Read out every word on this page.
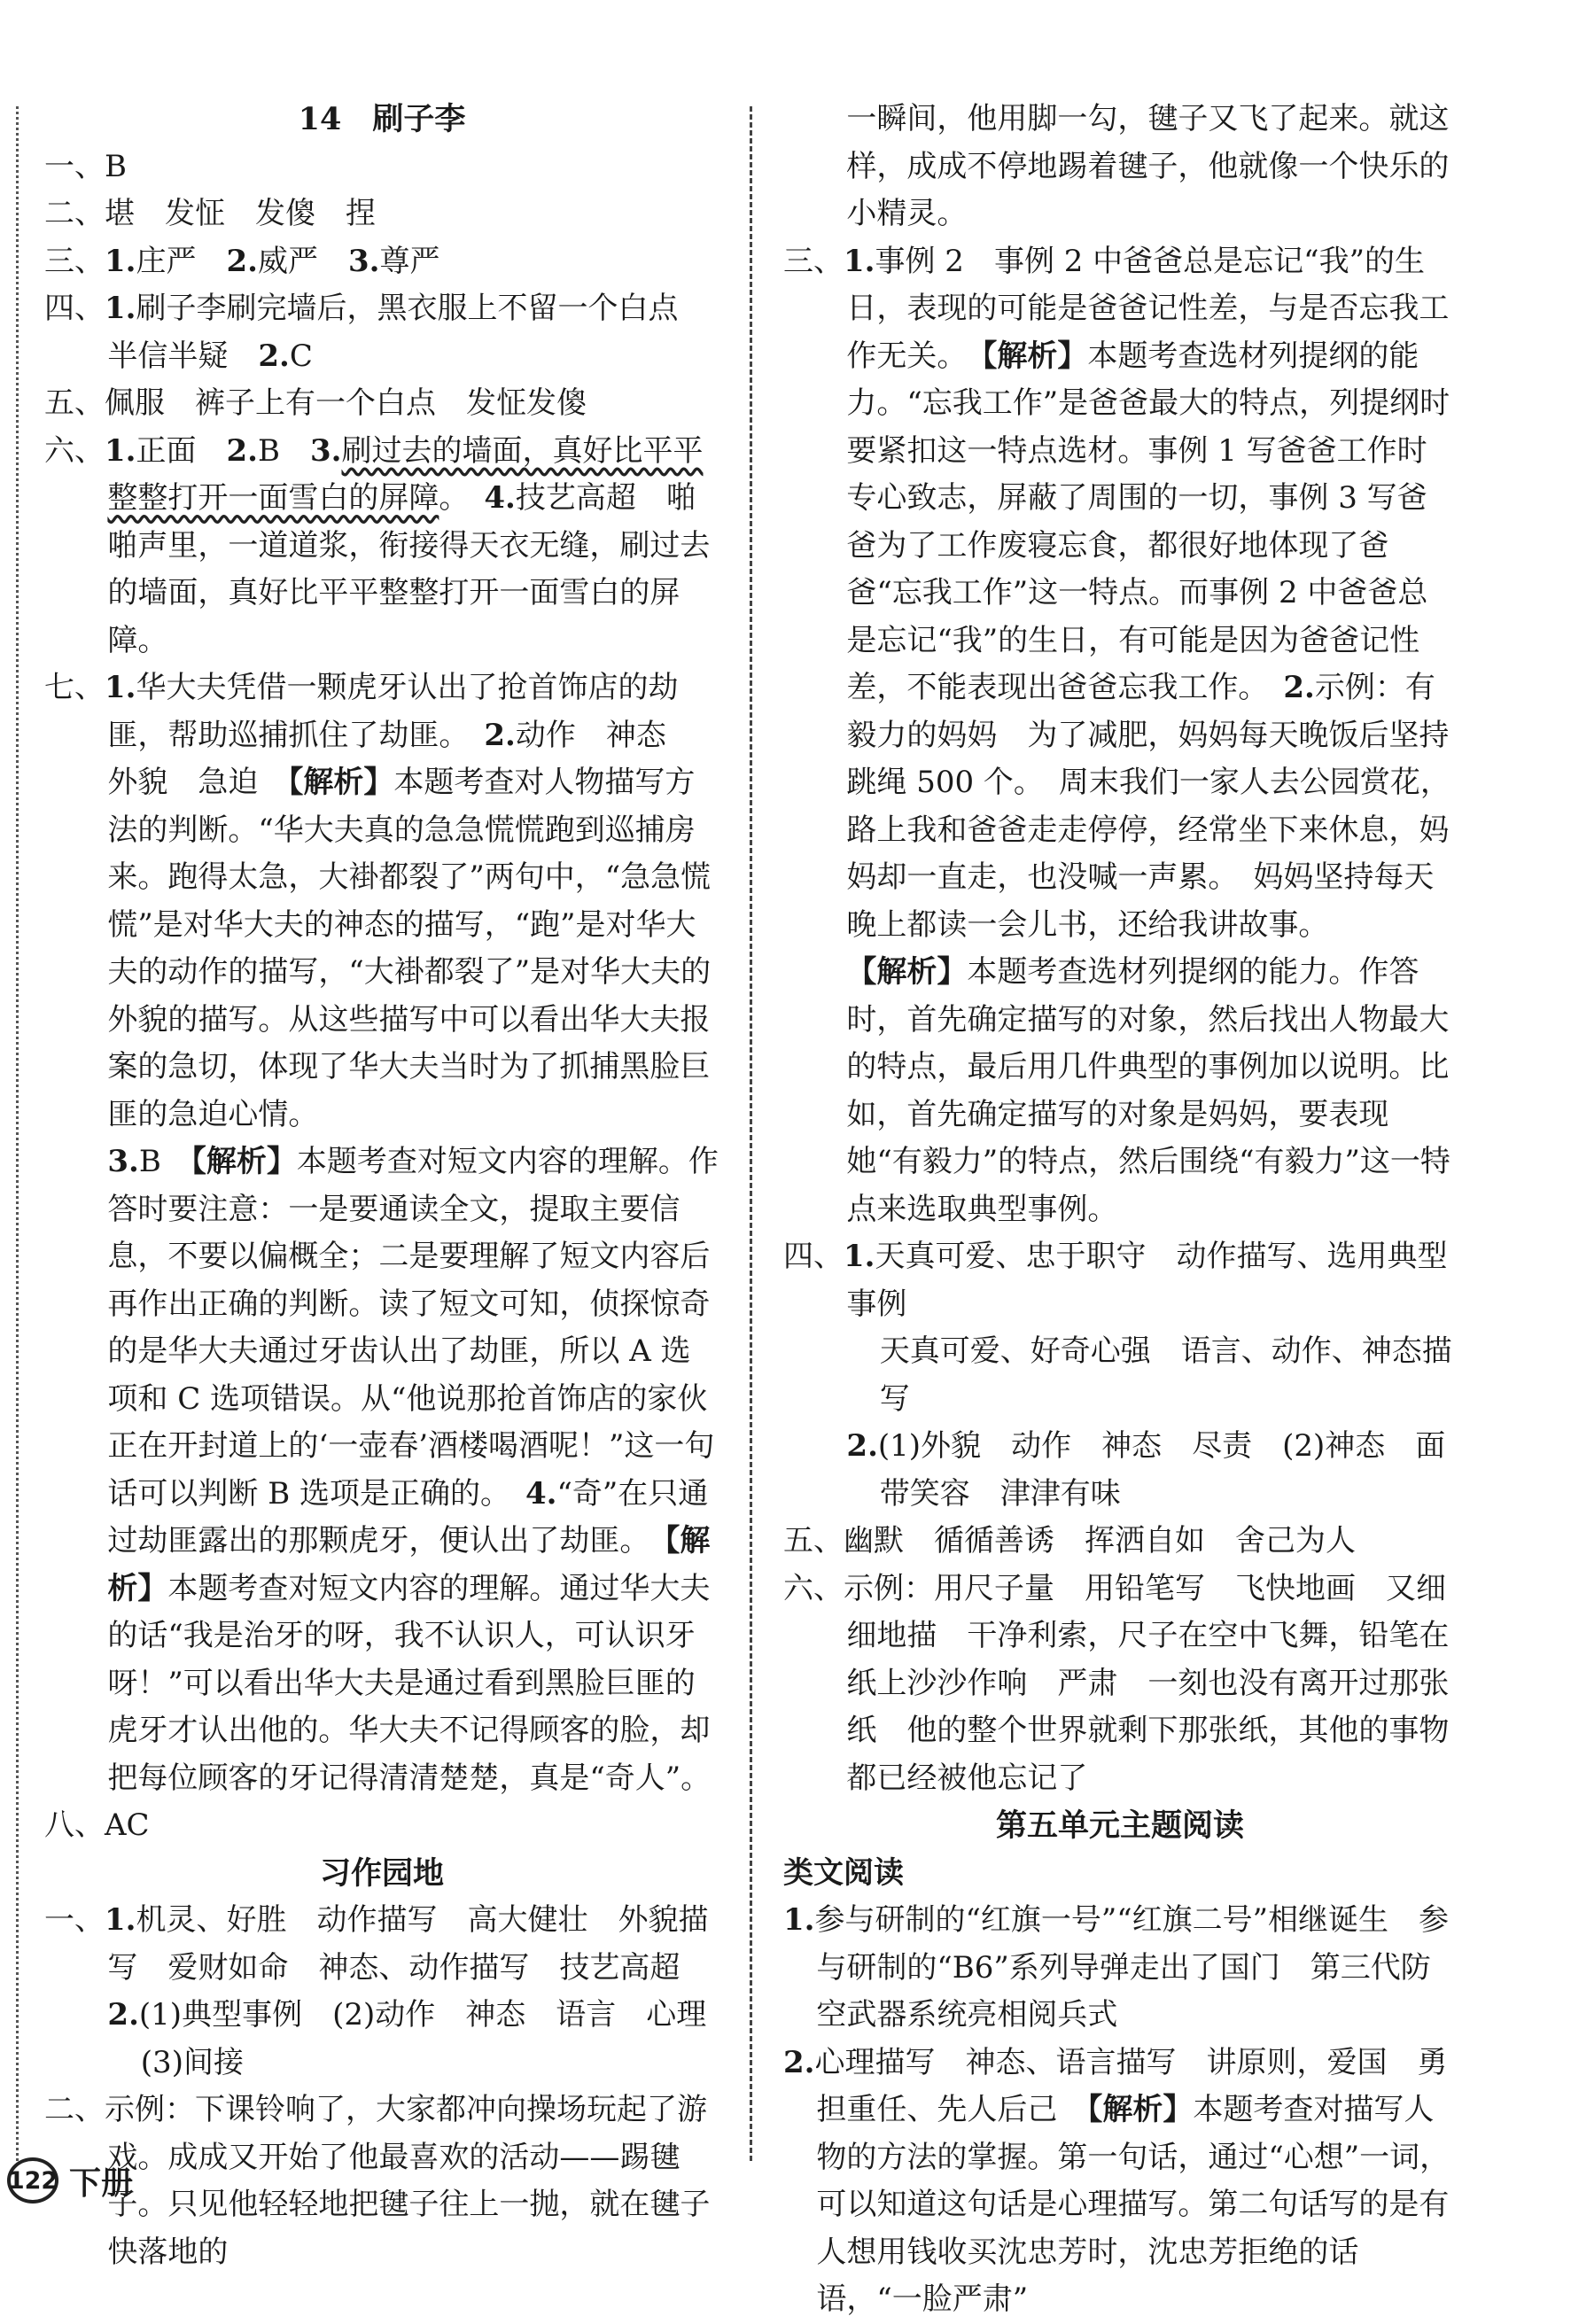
14　刷子李
一、B
二、堪　发怔　发傻　捏
三、1.庄严　2.威严　3.尊严
四、1.刷子李刷完墙后，黑衣服上不留一个白点　半信半疑　2.C
五、佩服　裤子上有一个白点　发怔发傻
六、1.正面　2.B　3.刷过去的墙面，真好比平平整整打开一面雪白的屏障。　4.技艺高超　啪啪声里，一道道浆，衔接得天衣无缝，刷过去的墙面，真好比平平整整打开一面雪白的屏障。
七、1.华大夫凭借一颗虎牙认出了抢首饰店的劫匪，帮助巡捕抓住了劫匪。　2.动作　神态　外貌　急迫　【解析】本题考查对人物描写方法的判断。“华大夫真的急急慌慌跑到巡捕房来。跑得太急，大褂都裂了”两句中，“急急慌慌”是对华大夫的神态的描写，“跑”是对华大夫的动作的描写，“大褂都裂了”是对华大夫的外貌的描写。从这些描写中可以看出华大夫报案的急切，体现了华大夫当时为了抓捕黑脸巨匪的急迫心情。
3.B　【解析】本题考查对短文内容的理解。作答时要注意：一是要通读全文，提取主要信息，不要以偏概全；二是要理解了短文内容后再作出正确的判断。读了短文可知，侦探惊奇的是华大夫通过牙齿认出了劫匪，所以 A 选项和 C 选项错误。从“他说那抢首饰店的家伙正在开封道上的‘一壶春’酒楼喝酒呢！”这一句话可以判断 B 选项是正确的。　4.“奇”在只通过劫匪露出的那颗虎牙，便认出了劫匪。　【解析】本题考查对短文内容的理解。通过华大夫的话“我是治牙的呀，我不认识人，可认识牙呀！”可以看出华大夫是通过看到黑脸巨匪的虎牙才认出他的。华大夫不记得顾客的脸，却把每位顾客的牙记得清清楚楚，真是“奇人”。
八、AC
习作园地
一、1.机灵、好胜　动作描写　高大健壮　外貌描写　爱财如命　神态、动作描写　技艺高超
2.(1)典型事例　(2)动作　神态　语言　心理　(3)间接
二、示例：下课铃响了，大家都冲向操场玩起了游戏。成成又开始了他最喜欢的活动——踢毽子。只见他轻轻地把毽子往上一抛，就在毽子快落地的
一瞬间，他用脚一勾，毽子又飞了起来。就这样，成成不停地踢着毽子，他就像一个快乐的小精灵。
三、1.事例 2　事例 2 中爸爸总是忘记“我”的生日，表现的可能是爸爸记性差，与是否忘我工作无关。　【解析】本题考查选材列提纲的能力。“忘我工作”是爸爸最大的特点，列提纲时要紧扣这一特点选材。事例 1 写爸爸工作时专心致志，屏蔽了周围的一切，事例 3 写爸爸为了工作废寝忘食，都很好地体现了爸爸“忘我工作”这一特点。而事例 2 中爸爸总是忘记“我”的生日，有可能是因为爸爸记性差，不能表现出爸爸忘我工作。　2.示例：有毅力的妈妈　为了减肥，妈妈每天晚饭后坚持跳绳 500 个。　周末我们一家人去公园赏花，路上我和爸爸走走停停，经常坐下来休息，妈妈却一直走，也没喊一声累。　妈妈坚持每天晚上都读一会儿书，还给我讲故事。
【解析】本题考查选材列提纲的能力。作答时，首先确定描写的对象，然后找出人物最大的特点，最后用几件典型的事例加以说明。比如，首先确定描写的对象是妈妈，要表现她“有毅力”的特点，然后围绕“有毅力”这一特点来选取典型事例。
四、1.天真可爱、忠于职守　动作描写、选用典型事例
天真可爱、好奇心强　语言、动作、神态描写
2.(1)外貌　动作　神态　尽责　(2)神态　面带笑容　津津有味
五、幽默　循循善诱　挥洒自如　舍己为人
六、示例：用尺子量　用铅笔写　飞快地画　又细细地描　干净利索，尺子在空中飞舞，铅笔在纸上沙沙作响　严肃　一刻也没有离开过那张纸　他的整个世界就剩下那张纸，其他的事物都已经被他忘记了
第五单元主题阅读
类文阅读
1.参与研制的“红旗一号”“红旗二号”相继诞生　参与研制的“B6”系列导弹走出了国门　第三代防空武器系统亮相阅兵式
2.心理描写　神态、语言描写　讲原则，爱国　勇担重任、先人后己　【解析】本题考查对描写人物的方法的掌握。第一句话，通过“心想”一词，可以知道这句话是心理描写。第二句话写的是有人想用钱收买沈忠芳时，沈忠芳拒绝的话语，“一脸严肃”
122 下册
